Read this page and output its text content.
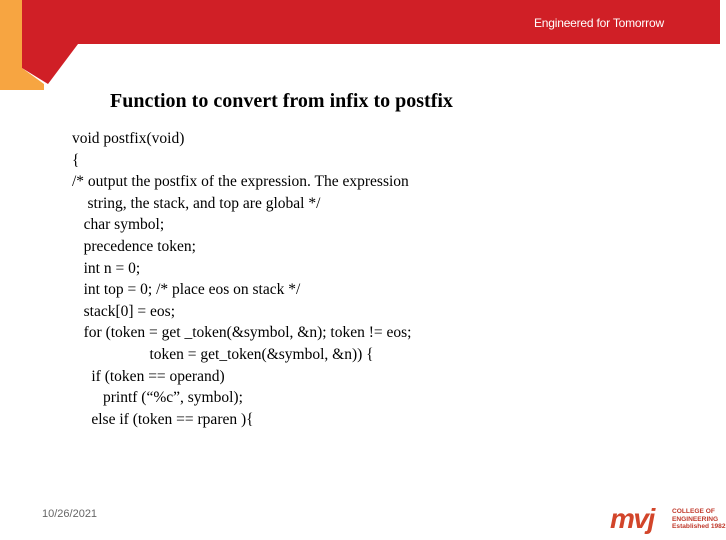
Engineered for Tomorrow
Function to convert from infix to postfix
void postfix(void)
{
/* output the postfix of the expression. The expression
string, the stack, and top are global */
char symbol;
precedence token;
int n = 0;
int top = 0; /* place eos on stack */
stack[0] = eos;
for (token = get _token(&symbol, &n); token != eos;
token = get_token(&symbol, &n)) {
if (token == operand)
printf (“%c”, symbol);
else if (token == rparen ){
10/26/2021	mvj	COLLEGE OF
ENGINEERING
Established 1982
